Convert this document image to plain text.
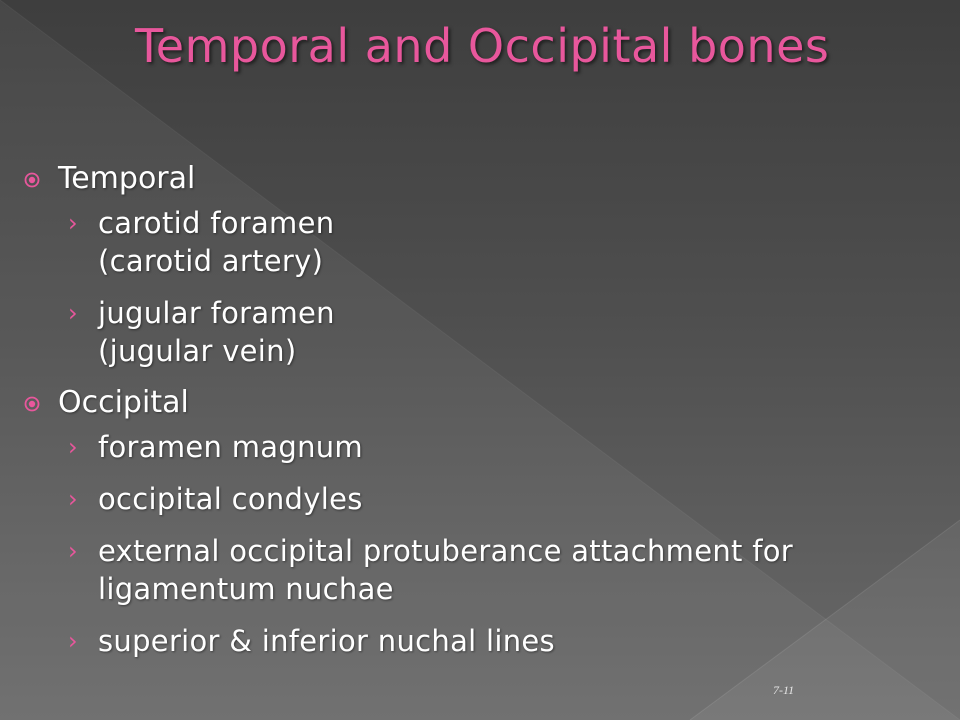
Temporal and Occipital bones
Temporal
› carotid foramen (carotid artery)
› jugular foramen (jugular vein)
Occipital
› foramen magnum
› occipital condyles
› external occipital protuberance attachment for ligamentum nuchae
› superior & inferior nuchal lines
7-11
